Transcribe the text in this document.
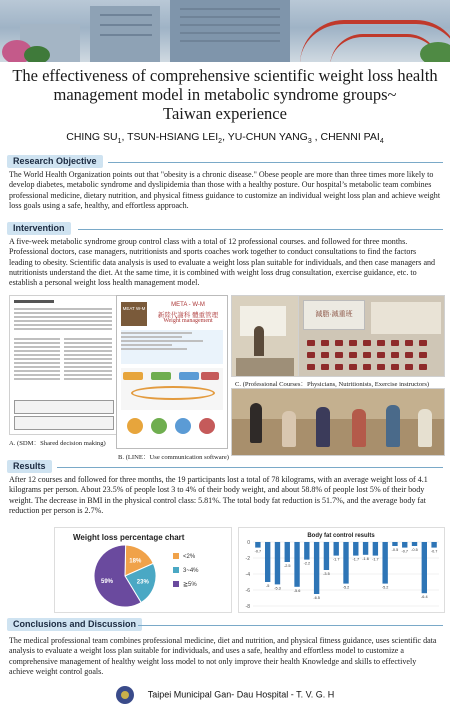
The effectiveness of comprehensive scientific weight loss health
management model in metabolic syndrome groups~
Taiwan experience
CHING $SU_1$, TSUN-HSIANG $LEI_2$, YU-CHUN $YANG_3$ , CHENNI $PAI_4$
Research Objective
The World Health Organization points out that "obesity is a chronic disease." Obese people are more than three times more likely to develop diabetes, metabolic syndrome and dyslipidemia than those with a healthy posture. Our hospital’s metabolic team combines professional medicine, dietary nutrition, and physical fitness guidance to customize an individual weight loss plan and achieve weight loss goals using a safe, healthy, and effortless approach.
Intervention
A five-week metabolic syndrome group control class with a total of 12 professional courses. and followed for three months. Professional doctors, case managers, nutritionists and sports coaches work together to conduct consultations to find the factors leading to obesity. Scientific data analysis is used to evaluate a weight loss plan suitable for individuals, and then case managers and nutritionists understand the diet. At the same time, it is combined with weight loss drug consultation, exercise guidance, etc. to establish a personal weight loss health management model.
A. (SDM：Shared decision making)
MEAT W-M
META - W-M
新陸代謝科 體重管理
Weight management
B. (LINE：Use communication software)
減脂·減重班
C. (Professional Courses：Physicians, Nutritionists, Exercise instructors)
Results
After 12 courses and followed for three months, the 19 participants lost a total of 78 kilograms, with an average weight loss of 4.1 kilograms per person. About 23.5% of people lost 3 to 4% of their body weight, and about 58.8% of people lost 5% of their body weight. The decrease in BMI in the physical control class: 5.81%. The total body fat reduction is 51.7%, and the average body fat reduction per person is 2.7%.
Weight loss percentage chart
18%
23%
59%
<2%
3~4%
≧5%
Body fat control results
0
-2
-4
-6
-8
-0.7
-5
-5.3
-2.5
-5.6
-2.2
-6.5
-3.5
-1.7
-5.2
-1.7 -1.6 -1.7
-5.2
-0.5 -0.7 -0.5
-6.4
-0.7
Conclusions and Discussion
The medical professional team combines professional medicine, diet and nutrition, and physical fitness guidance, uses scientific data analysis to evaluate a weight loss plan suitable for individuals, and uses a safe, healthy and effortless model to customize a comprehensive management of healthy weight loss model to not only improve their health Knowledge and skills to effectively achieve weight control goals.
Taipei Municipal Gan- Dau Hospital - T. V. G. H
